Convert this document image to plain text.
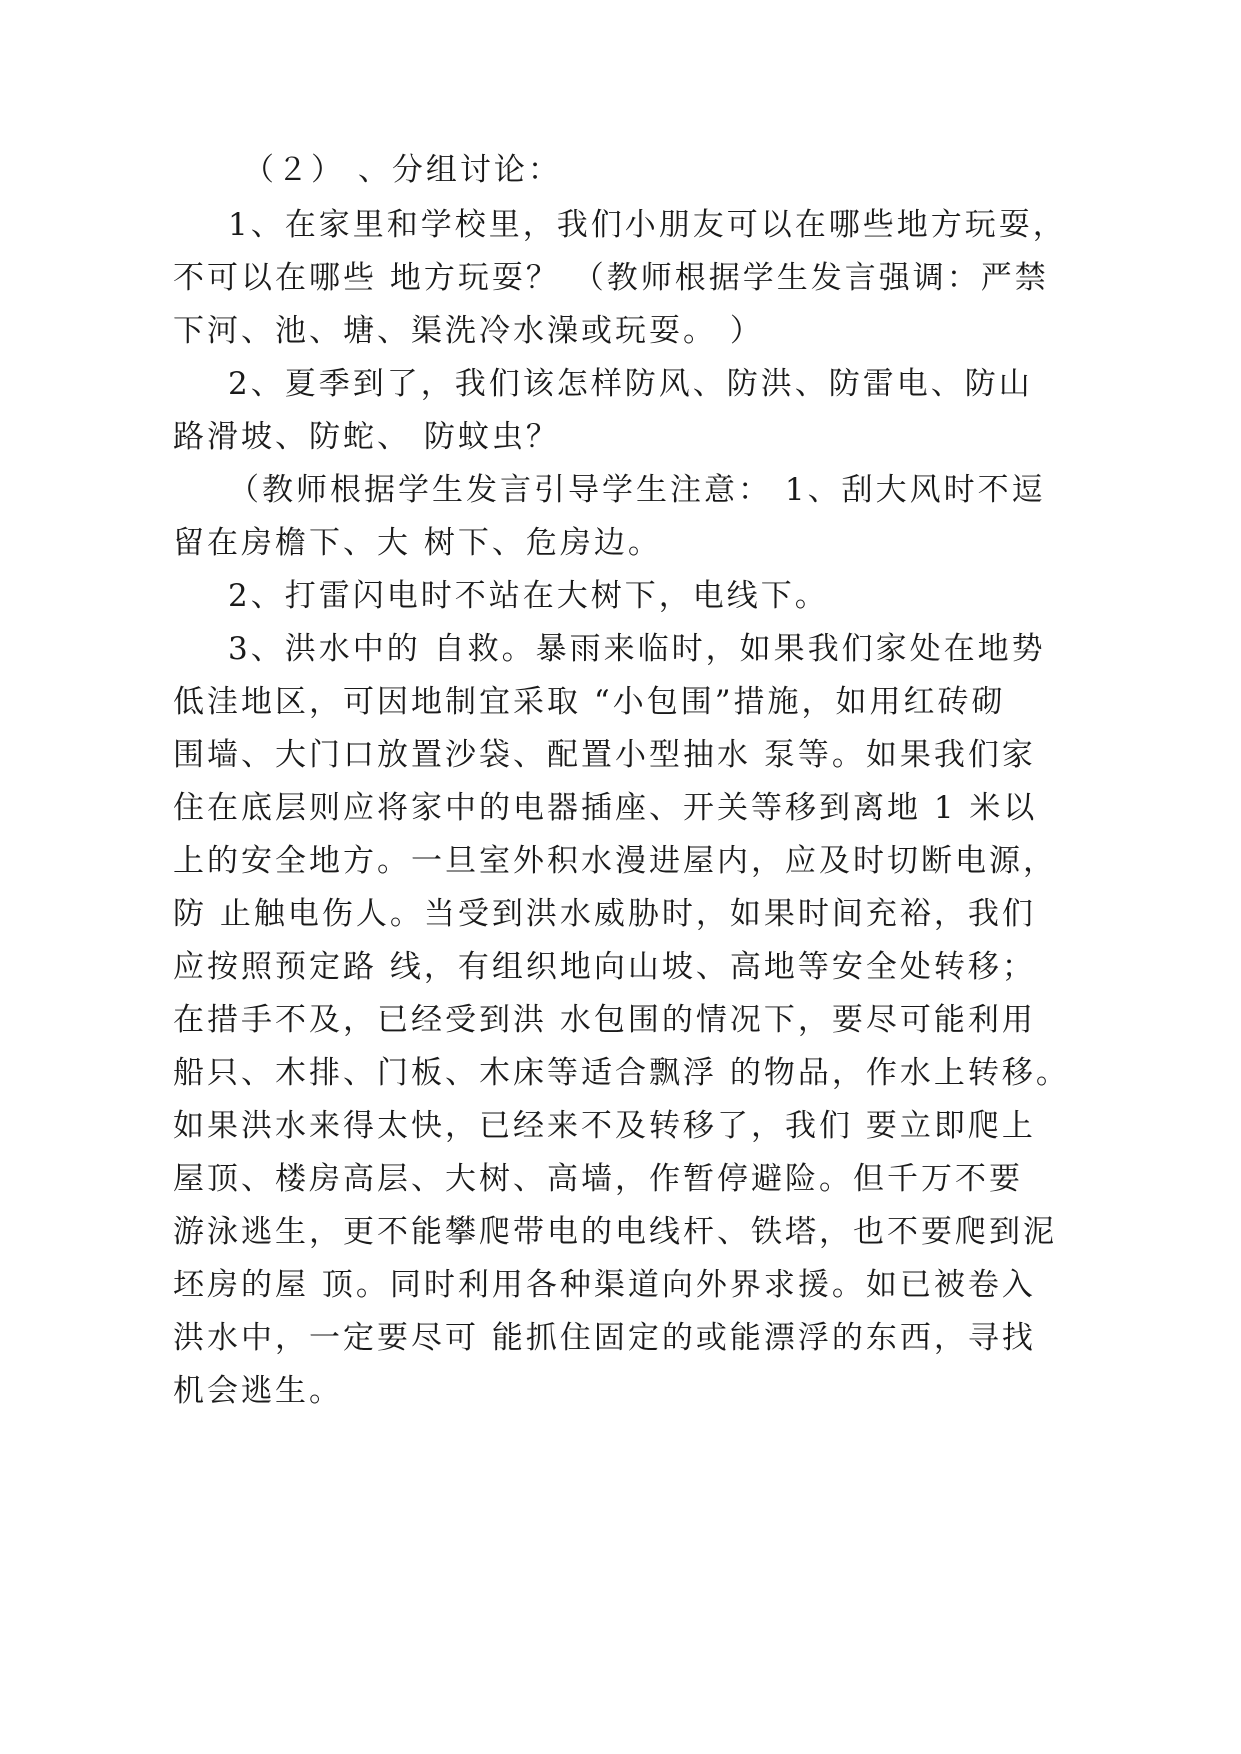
（２） 、分组讨论：
1、在家里和学校里，我们小朋友可以在哪些地方玩耍，
不可以在哪些 地方玩耍？ （教师根据学生发言强调：严禁
下河、池、塘、渠洗冷水澡或玩耍。 ）
2、夏季到了，我们该怎样防风、防洪、防雷电、防山
路滑坡、防蛇、 防蚊虫？
（教师根据学生发言引导学生注意： 1、刮大风时不逗
留在房檐下、大 树下、危房边。
2、打雷闪电时不站在大树下，电线下。
3、洪水中的 自救。暴雨来临时，如果我们家处在地势
低洼地区，可因地制宜采取 “小包围”措施，如用红砖砌
围墙、大门口放置沙袋、配置小型抽水 泵等。如果我们家
住在底层则应将家中的电器插座、开关等移到离地 1 米以
上的安全地方。一旦室外积水漫进屋内，应及时切断电源，
防 止触电伤人。当受到洪水威胁时，如果时间充裕，我们
应按照预定路 线，有组织地向山坡、高地等安全处转移；
在措手不及，已经受到洪 水包围的情况下，要尽可能利用
船只、木排、门板、木床等适合飘浮 的物品，作水上转移。
如果洪水来得太快，已经来不及转移了，我们 要立即爬上
屋顶、楼房高层、大树、高墙，作暂停避险。但千万不要
游泳逃生，更不能攀爬带电的电线杆、铁塔，也不要爬到泥
坯房的屋 顶。同时利用各种渠道向外界求援。如已被卷入
洪水中，一定要尽可 能抓住固定的或能漂浮的东西，寻找
机会逃生。
